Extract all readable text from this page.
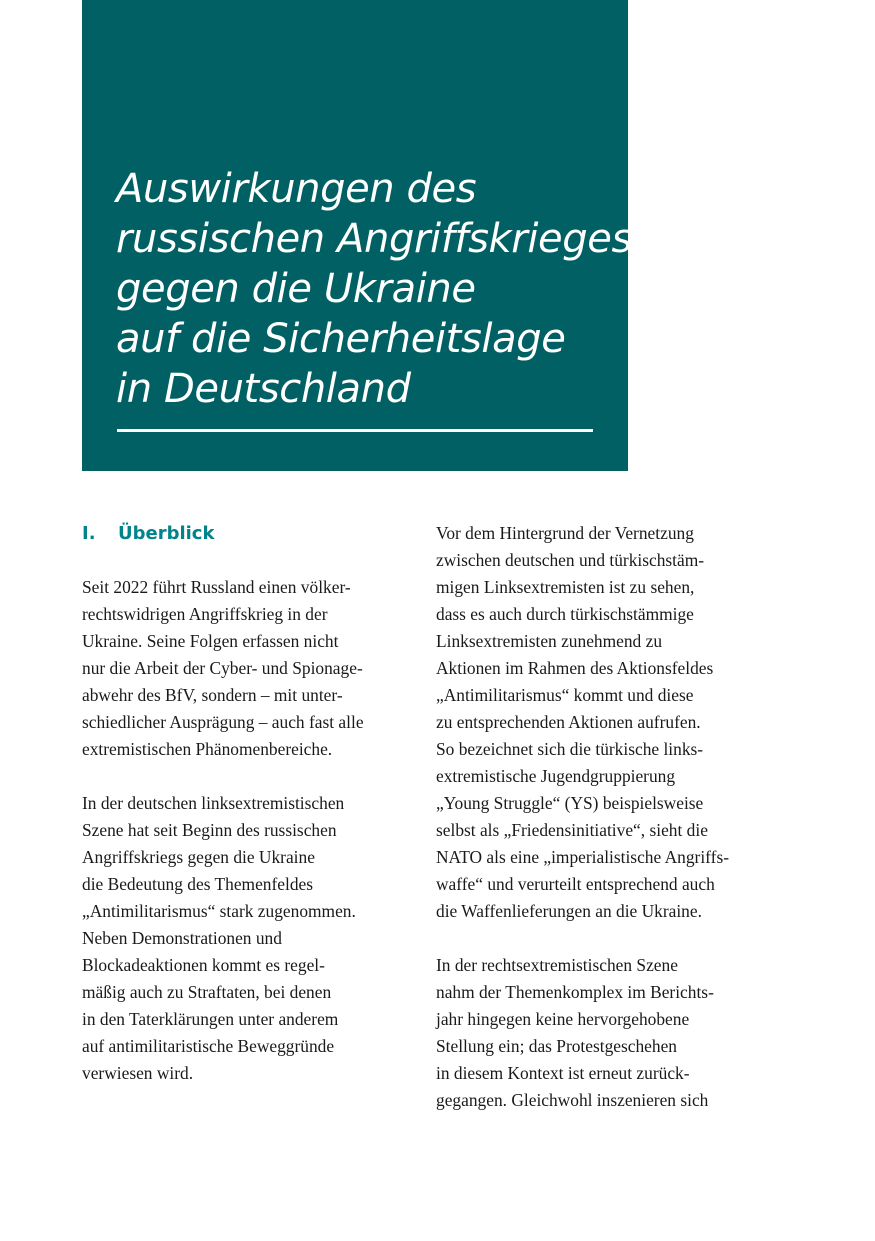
Auswirkungen des
russischen Angriffskrieges
gegen die Ukraine
auf die Sicherheitslage
in Deutschland
I. Überblick

Seit 2022 führt Russland einen völker-
rechtswidrigen Angriffskrieg in der
Ukraine. Seine Folgen erfassen nicht
nur die Arbeit der Cyber- und Spionage-
abwehr des BfV, sondern – mit unter-
schiedlicher Ausprägung – auch fast alle
extremistischen Phänomenbereiche.

In der deutschen linksextremistischen
Szene hat seit Beginn des russischen
Angriffskriegs gegen die Ukraine
die Bedeutung des Themenfeldes
„Antimilitarismus“ stark zugenommen.
Neben Demonstrationen und
Blockadeaktionen kommt es regel-
mäßig auch zu Straftaten, bei denen
in den Taterklärungen unter anderem
auf antimilitaristische Beweggründe
verwiesen wird.

Vor dem Hintergrund der Vernetzung
zwischen deutschen und türkischstäm-
migen Linksextremisten ist zu sehen,
dass es auch durch türkischstämmige
Linksextremisten zunehmend zu
Aktionen im Rahmen des Aktionsfeldes
„Antimilitarismus“ kommt und diese
zu entsprechenden Aktionen aufrufen.
So bezeichnet sich die türkische links-
extremistische Jugendgruppierung
„Young Struggle“ (YS) beispielsweise
selbst als „Friedensinitiative“, sieht die
NATO als eine „imperialistische Angriffs-
waffe“ und verurteilt entsprechend auch
die Waffenlieferungen an die Ukraine.

In der rechtsextremistischen Szene
nahm der Themenkomplex im Berichts-
jahr hingegen keine hervorgehobene
Stellung ein; das Protestgeschehen
in diesem Kontext ist erneut zurück-
gegangen. Gleichwohl inszenieren sich
